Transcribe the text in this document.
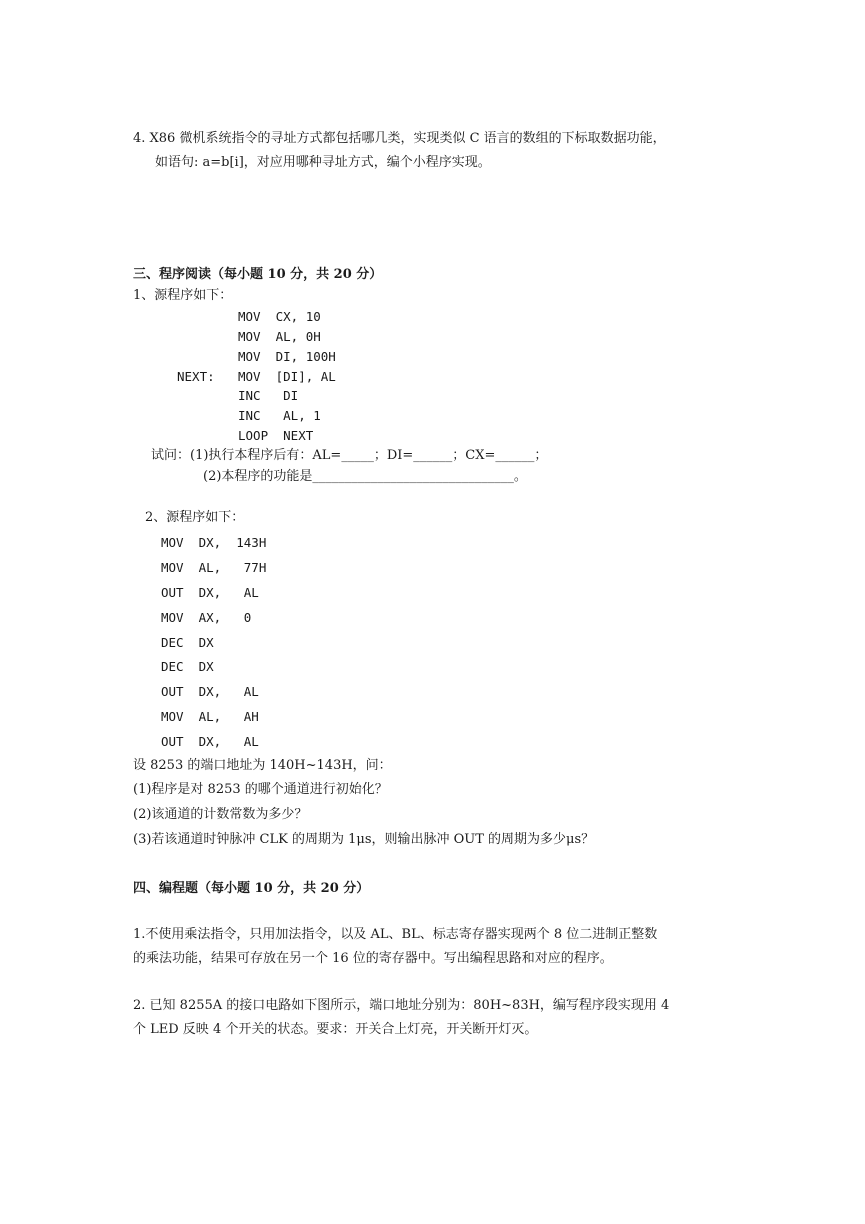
4. X86 微机系统指令的寻址方式都包括哪几类，实现类似 C 语言的数组的下标取数据功能，
如语句: a=b[i]，对应用哪种寻址方式，编个小程序实现。
三、程序阅读（每小题 10 分，共 20 分）
1、源程序如下：
MOV  CX, 10
MOV  AL, 0H
MOV  DI, 100H
NEXT: MOV  [DI], AL
INC   DI
INC   AL, 1
LOOP  NEXT
试问：(1)执行本程序后有：AL=_____；DI=______；CX=______；
(2)本程序的功能是_______________________________。
2、源程序如下：
MOV  DX,  143H
MOV  AL,   77H
OUT  DX,   AL
MOV  AX,   0
DEC  DX
DEC  DX
OUT  DX,   AL
MOV  AL,   AH
OUT  DX,   AL
设 8253 的端口地址为 140H~143H，问：
(1)程序是对 8253 的哪个通道进行初始化？
(2)该通道的计数常数为多少？
(3)若该通道时钟脉冲 CLK 的周期为 1μs，则输出脉冲 OUT 的周期为多少μs？
四、编程题（每小题 10 分，共 20 分）
1.不使用乘法指令，只用加法指令，以及 AL、BL、标志寄存器实现两个 8 位二进制正整数
的乘法功能，结果可存放在另一个 16 位的寄存器中。写出编程思路和对应的程序。
2. 已知 8255A 的接口电路如下图所示，端口地址分别为：80H~83H，编写程序段实现用 4
个 LED 反映 4 个开关的状态。要求：开关合上灯亮，开关断开灯灭。
